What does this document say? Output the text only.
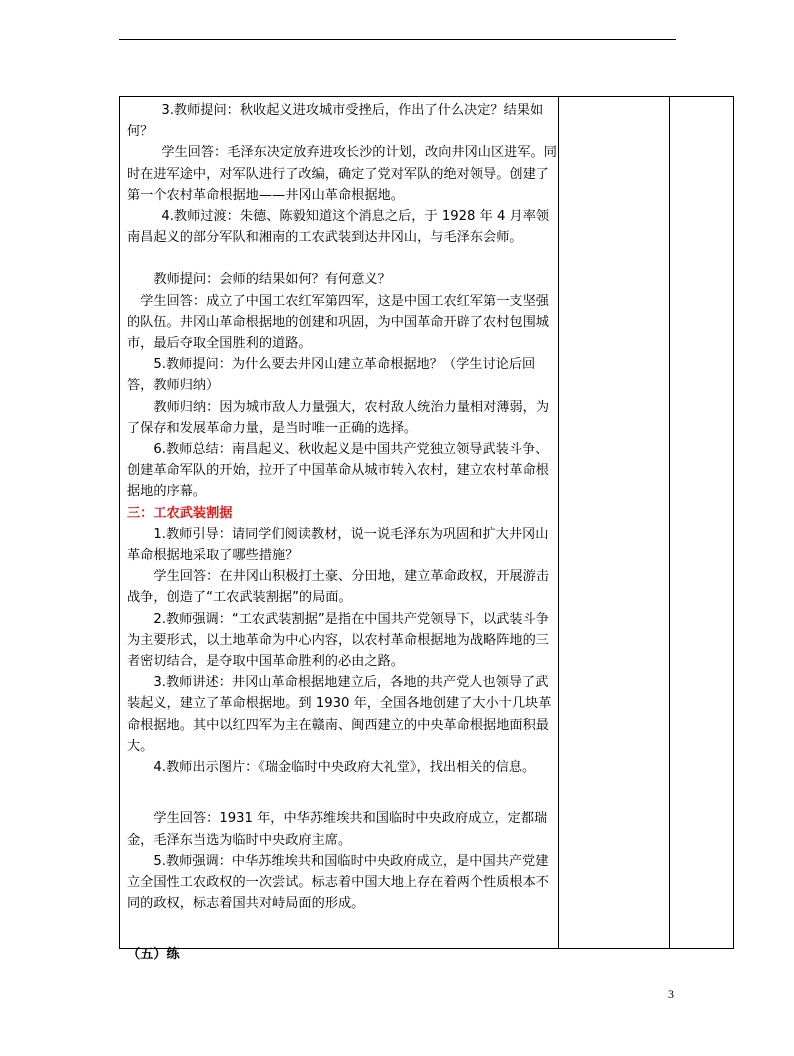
3.教师提问：秋收起义进攻城市受挫后，作出了什么决定？结果如何？

学生回答：毛泽东决定放弃进攻长沙的计划，改向井冈山区进军。同时在进军途中，对军队进行了改编，确定了党对军队的绝对领导。创建了第一个农村革命根据地——井冈山革命根据地。

4.教师过渡：朱德、陈毅知道这个消息之后，于 1928 年 4 月率领南昌起义的部分军队和湘南的工农武装到达井冈山，与毛泽东会师。

教师提问：会师的结果如何？有何意义？

学生回答：成立了中国工农红军第四军，这是中国工农红军第一支坚强的队伍。井冈山革命根据地的创建和巩固，为中国革命开辟了农村包围城市，最后夺取全国胜利的道路。

5.教师提问：为什么要去井冈山建立革命根据地？（学生讨论后回答，教师归纳）

教师归纳：因为城市敌人力量强大，农村敌人统治力量相对薄弱，为了保存和发展革命力量，是当时唯一正确的选择。

6.教师总结：南昌起义、秋收起义是中国共产党独立领导武装斗争、创建革命军队的开始，拉开了中国革命从城市转入农村，建立农村革命根据地的序幕。

三：工农武装割据

1.教师引导：请同学们阅读教材，说一说毛泽东为巩固和扩大井冈山革命根据地采取了哪些措施？

学生回答：在井冈山积极打土豪、分田地，建立革命政权，开展游击战争，创造了“工农武装割据”的局面。

2.教师强调：“工农武装割据”是指在中国共产党领导下，以武装斗争为主要形式，以土地革命为中心内容，以农村革命根据地为战略阵地的三者密切结合，是夺取中国革命胜利的必由之路。

3.教师讲述：井冈山革命根据地建立后，各地的共产党人也领导了武装起义，建立了革命根据地。到 1930 年，全国各地创建了大小十几块革命根据地。其中以红四军为主在赣南、闽西建立的中央革命根据地面积最大。

4.教师出示图片：《瑞金临时中央政府大礼堂》，找出相关的信息。

学生回答：1931 年，中华苏维埃共和国临时中央政府成立，定都瑞金，毛泽东当选为临时中央政府主席。

5.教师强调：中华苏维埃共和国临时中央政府成立，是中国共产党建立全国性工农政权的一次尝试。标志着中国大地上存在着两个性质根本不同的政权，标志着国共对峙局面的形成。

（五）练

3
